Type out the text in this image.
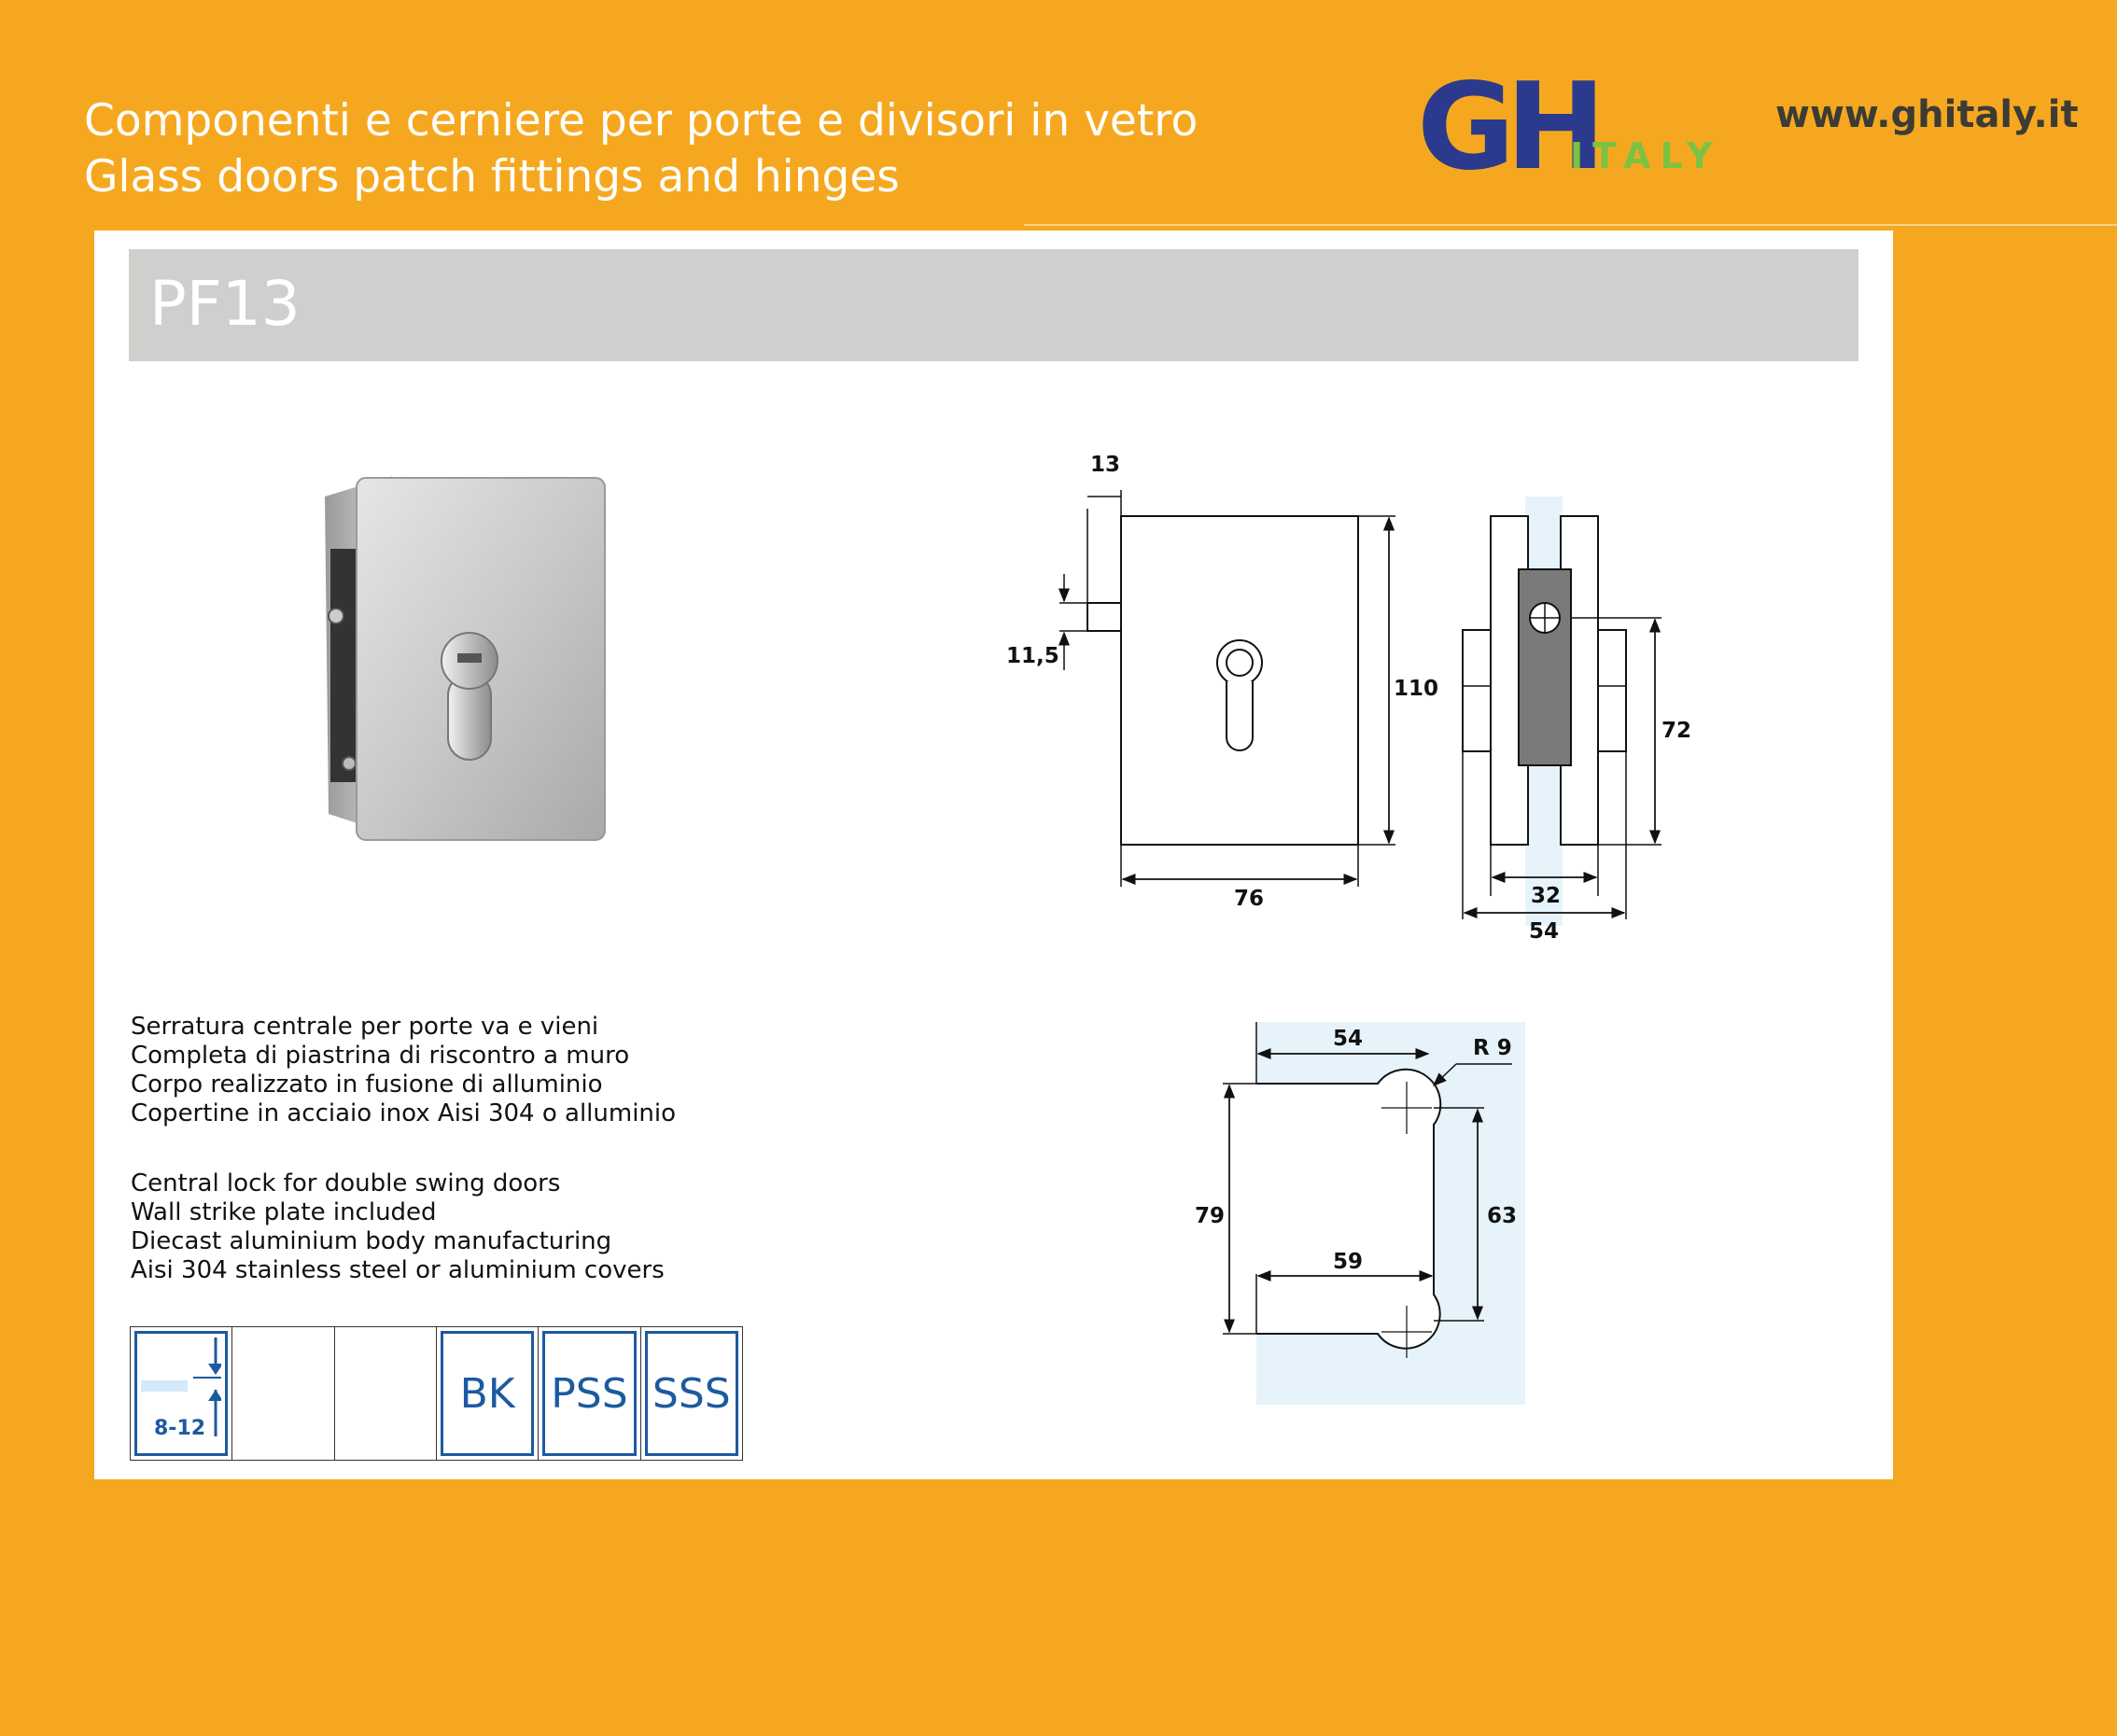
Componenti e cerniere per porte e divisori in vetro
Glass doors patch fittings and hinges	GH
ITALY
www.ghitaly.it
PF13
13
11,5
110
76
72
32
54
54	R 9
79	63
59
Serratura centrale per porte va e vieni
Completa di piastrina di riscontro a muro
Corpo realizzato in fusione di alluminio
Copertine in acciaio inox Aisi 304 o alluminio
Central lock for double swing doors
Wall strike plate included
Diecast aluminium body manufacturing
Aisi 304 stainless steel or aluminium covers
8-12
BK PSS SSS
